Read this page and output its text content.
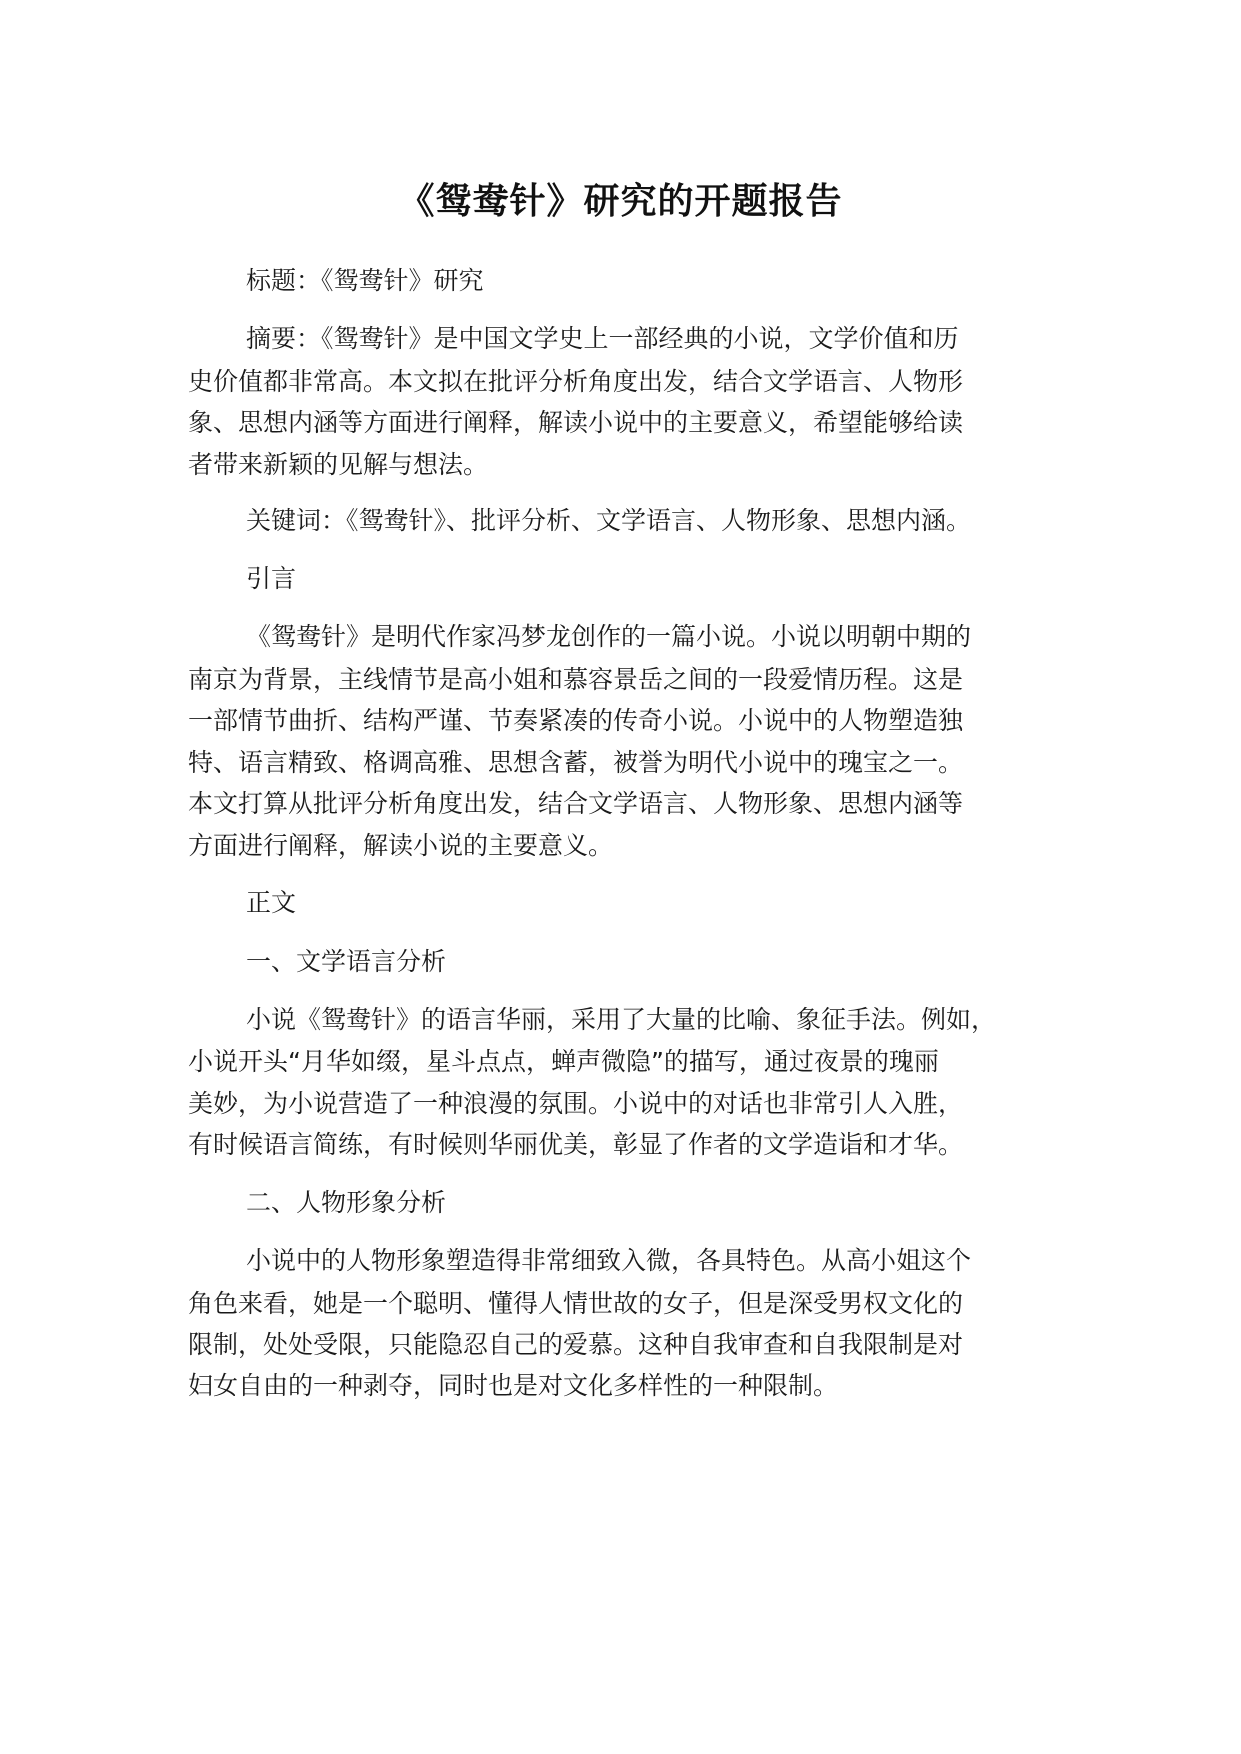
《鸳鸯针》研究的开题报告

标题：《鸳鸯针》研究

摘要：《鸳鸯针》是中国文学史上一部经典的小说，文学价值和历

史价值都非常高。本文拟在批评分析角度出发，结合文学语言、人物形

象、思想内涵等方面进行阐释，解读小说中的主要意义，希望能够给读

者带来新颖的见解与想法。

关键词：《鸳鸯针》、批评分析、文学语言、人物形象、思想内涵。

引言

《鸳鸯针》是明代作家冯梦龙创作的一篇小说。小说以明朝中期的

南京为背景，主线情节是高小姐和慕容景岳之间的一段爱情历程。这是

一部情节曲折、结构严谨、节奏紧凑的传奇小说。小说中的人物塑造独

特、语言精致、格调高雅、思想含蓄，被誉为明代小说中的瑰宝之一。

本文打算从批评分析角度出发，结合文学语言、人物形象、思想内涵等

方面进行阐释，解读小说的主要意义。

正文

一、文学语言分析

小说《鸳鸯针》的语言华丽，采用了大量的比喻、象征手法。例如，

小说开头“月华如缀，星斗点点，蝉声微隐”的描写，通过夜景的瑰丽

美妙，为小说营造了一种浪漫的氛围。小说中的对话也非常引人入胜，

有时候语言简练，有时候则华丽优美，彰显了作者的文学造诣和才华。

二、人物形象分析

小说中的人物形象塑造得非常细致入微，各具特色。从高小姐这个

角色来看，她是一个聪明、懂得人情世故的女子，但是深受男权文化的

限制，处处受限，只能隐忍自己的爱慕。这种自我审查和自我限制是对

妇女自由的一种剥夺，同时也是对文化多样性的一种限制。
